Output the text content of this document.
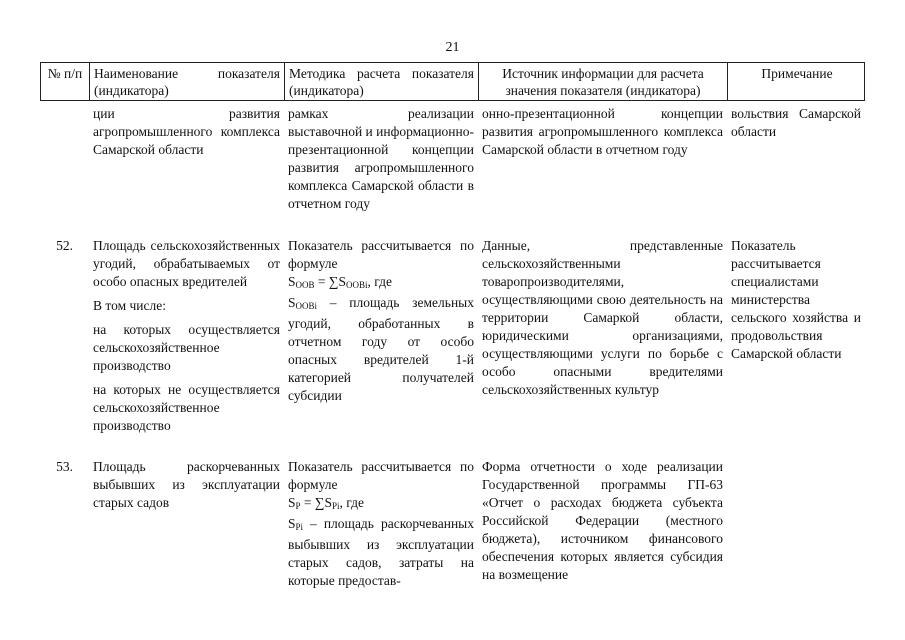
21
№ п/п Наименование показателя (индикатора)
Методика расчета показателя (индикатора)
Источник информации для расчета значения показателя (индикатора)
Примечание
ции развития агропромышленного комплекса Самарской области
рамках реализации выставочной и информационно-презентационной концепции развития агропромышленного комплекса Самарской области в отчетном году
онно-презентационной концепции развития агропромышленного комплекса Самарской области в отчетном году
вольствия Самарской области
52.	Площадь сельскохозяйственных угодий, обрабатываемых от особо опасных вредителей
В том числе:
на которых осуществляется сельскохозяйственное производство
на которых не осуществляется сельскохозяйственное производство
Показатель рассчитывается по формуле
$S_{OOB} = \sum S_{OOBi}$, где
$S_{OOBi}$ – площадь земельных угодий, обработанных в отчетном году от особо опасных вредителей 1-й категорией получателей субсидии
Данные, представленные сельскохозяйственными товаропроизводителями, осуществляющими свою деятельность на территории Самаркой области, юридическими организациями, осуществляющими услуги по борьбе с особо опасными вредителями сельскохозяйственных культур
Показатель рассчитывается специалистами министерства сельского хозяйства и продовольствия Самарской области
53.	Площадь раскорчеванных выбывших из эксплуатации старых садов
Показатель рассчитывается по формуле
$S_P = \sum S_{Pi}$, где
$S_{Pi}$ – площадь раскорчеванных выбывших из эксплуатации старых садов, затраты на которые предостав-
Форма отчетности о ходе реализации Государственной программы ГП-63 «Отчет о расходах бюджета субъекта Российской Федерации (местного бюджета), источником финансового обеспечения которых является субсидия на возмещение
